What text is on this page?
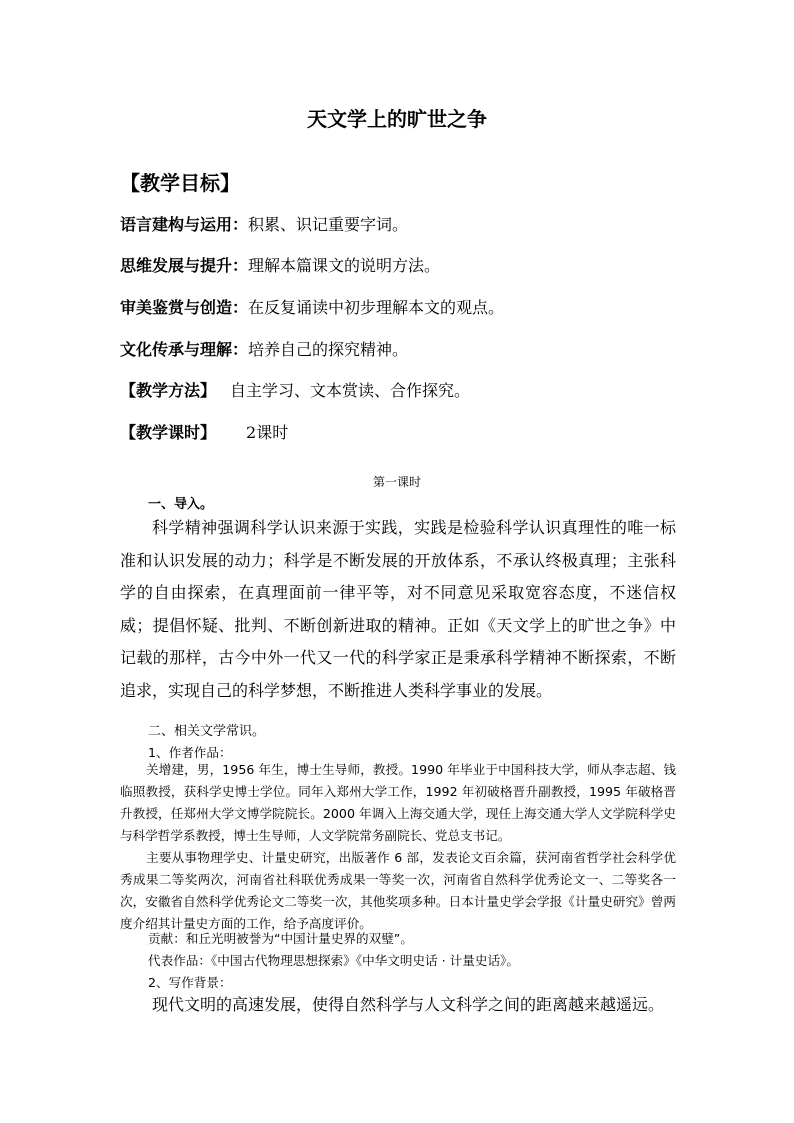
天文学上的旷世之争
【教学目标】
语言建构与运用：积累、识记重要字词。
思维发展与提升：理解本篇课文的说明方法。
审美鉴赏与创造：在反复诵读中初步理解本文的观点。
文化传承与理解：培养自己的探究精神。
【教学方法】 自主学习、文本赏读、合作探究。
【教学课时】 2课时
第一课时
一、导入。
科学精神强调科学认识来源于实践，实践是检验科学认识真理性的唯一标准和认识发展的动力；科学是不断发展的开放体系，不承认终极真理；主张科学的自由探索，在真理面前一律平等，对不同意见采取宽容态度，不迷信权威；提倡怀疑、批判、不断创新进取的精神。正如《天文学上的旷世之争》中记载的那样，古今中外一代又一代的科学家正是秉承科学精神不断探索，不断追求，实现自己的科学梦想，不断推进人类科学事业的发展。
二、相关文学常识。
1、作者作品：
关增建，男，1956 年生，博士生导师，教授。1990 年毕业于中国科技大学，师从李志超、钱临照教授，获科学史博士学位。同年入郑州大学工作，1992 年初破格晋升副教授，1995 年破格晋升教授，任郑州大学文博学院院长。2000 年调入上海交通大学，现任上海交通大学人文学院科学史与科学哲学系教授，博士生导师，人文学院常务副院长、党总支书记。
主要从事物理学史、计量史研究，出版著作 6 部，发表论文百余篇，获河南省哲学社会科学优秀成果二等奖两次，河南省社科联优秀成果一等奖一次，河南省自然科学优秀论文一、二等奖各一次，安徽省自然科学优秀论文二等奖一次，其他奖项多种。日本计量史学会学报《计量史研究》曾两度介绍其计量史方面的工作，给予高度评价。
贡献：和丘光明被誉为“中国计量史界的双璧”。
代表作品：《中国古代物理思想探索》《中华文明史话 · 计量史话》。
2、写作背景：
现代文明的高速发展，使得自然科学与人文科学之间的距离越来越遥远。
